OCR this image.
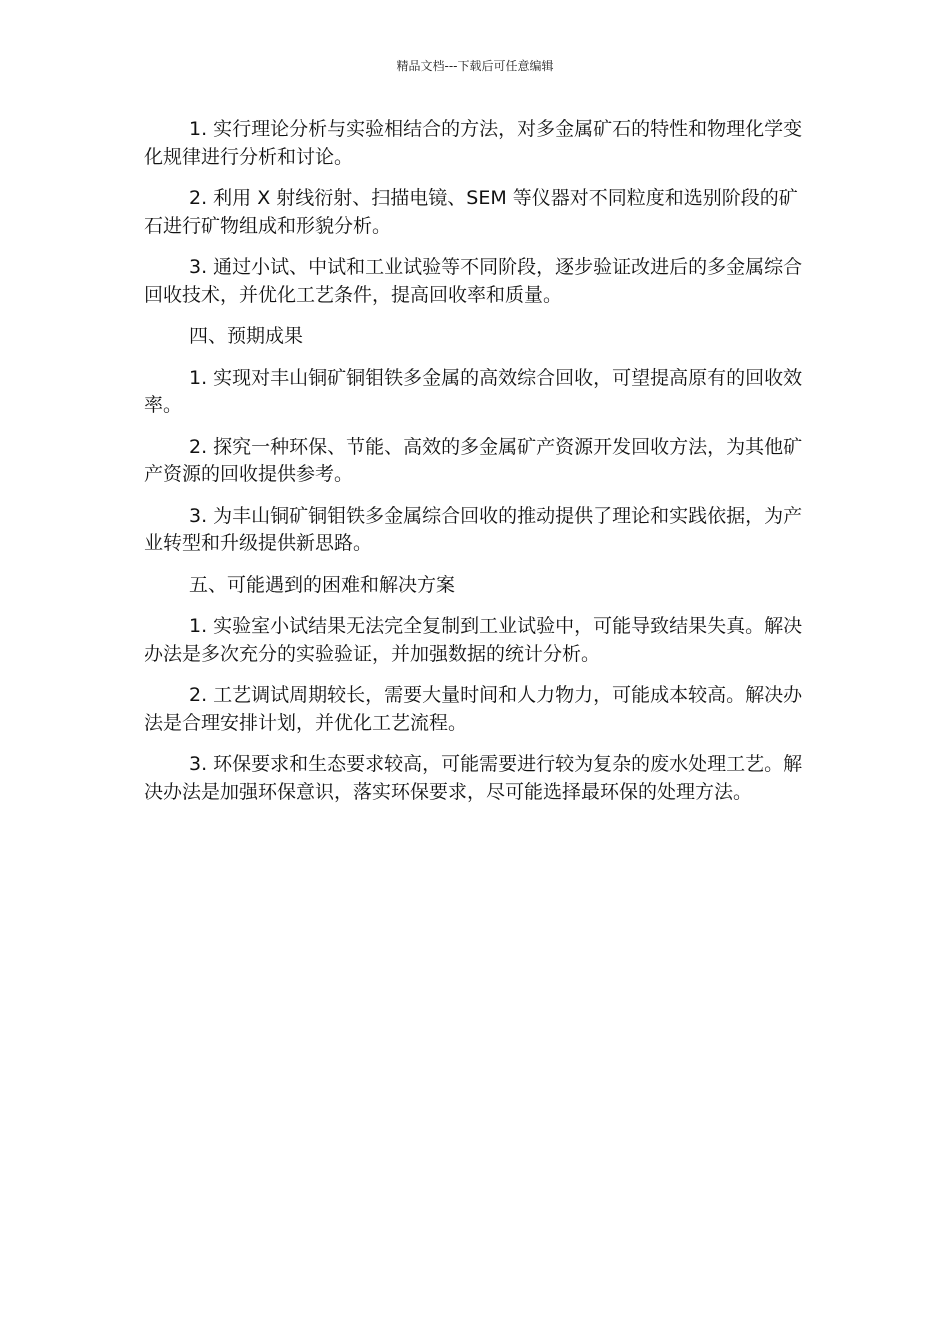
精品文档---下载后可任意编辑

1. 实行理论分析与实验相结合的方法，对多金属矿石的特性和物理化学变化规律进行分析和讨论。

2. 利用 X 射线衍射、扫描电镜、SEM 等仪器对不同粒度和选别阶段的矿石进行矿物组成和形貌分析。

3. 通过小试、中试和工业试验等不同阶段，逐步验证改进后的多金属综合回收技术，并优化工艺条件，提高回收率和质量。

四、预期成果

1. 实现对丰山铜矿铜钼铁多金属的高效综合回收，可望提高原有的回收效率。

2. 探究一种环保、节能、高效的多金属矿产资源开发回收方法，为其他矿产资源的回收提供参考。

3. 为丰山铜矿铜钼铁多金属综合回收的推动提供了理论和实践依据，为产业转型和升级提供新思路。

五、可能遇到的困难和解决方案

1. 实验室小试结果无法完全复制到工业试验中，可能导致结果失真。解决办法是多次充分的实验验证，并加强数据的统计分析。

2. 工艺调试周期较长，需要大量时间和人力物力，可能成本较高。解决办法是合理安排计划，并优化工艺流程。

3. 环保要求和生态要求较高，可能需要进行较为复杂的废水处理工艺。解决办法是加强环保意识，落实环保要求，尽可能选择最环保的处理方法。
